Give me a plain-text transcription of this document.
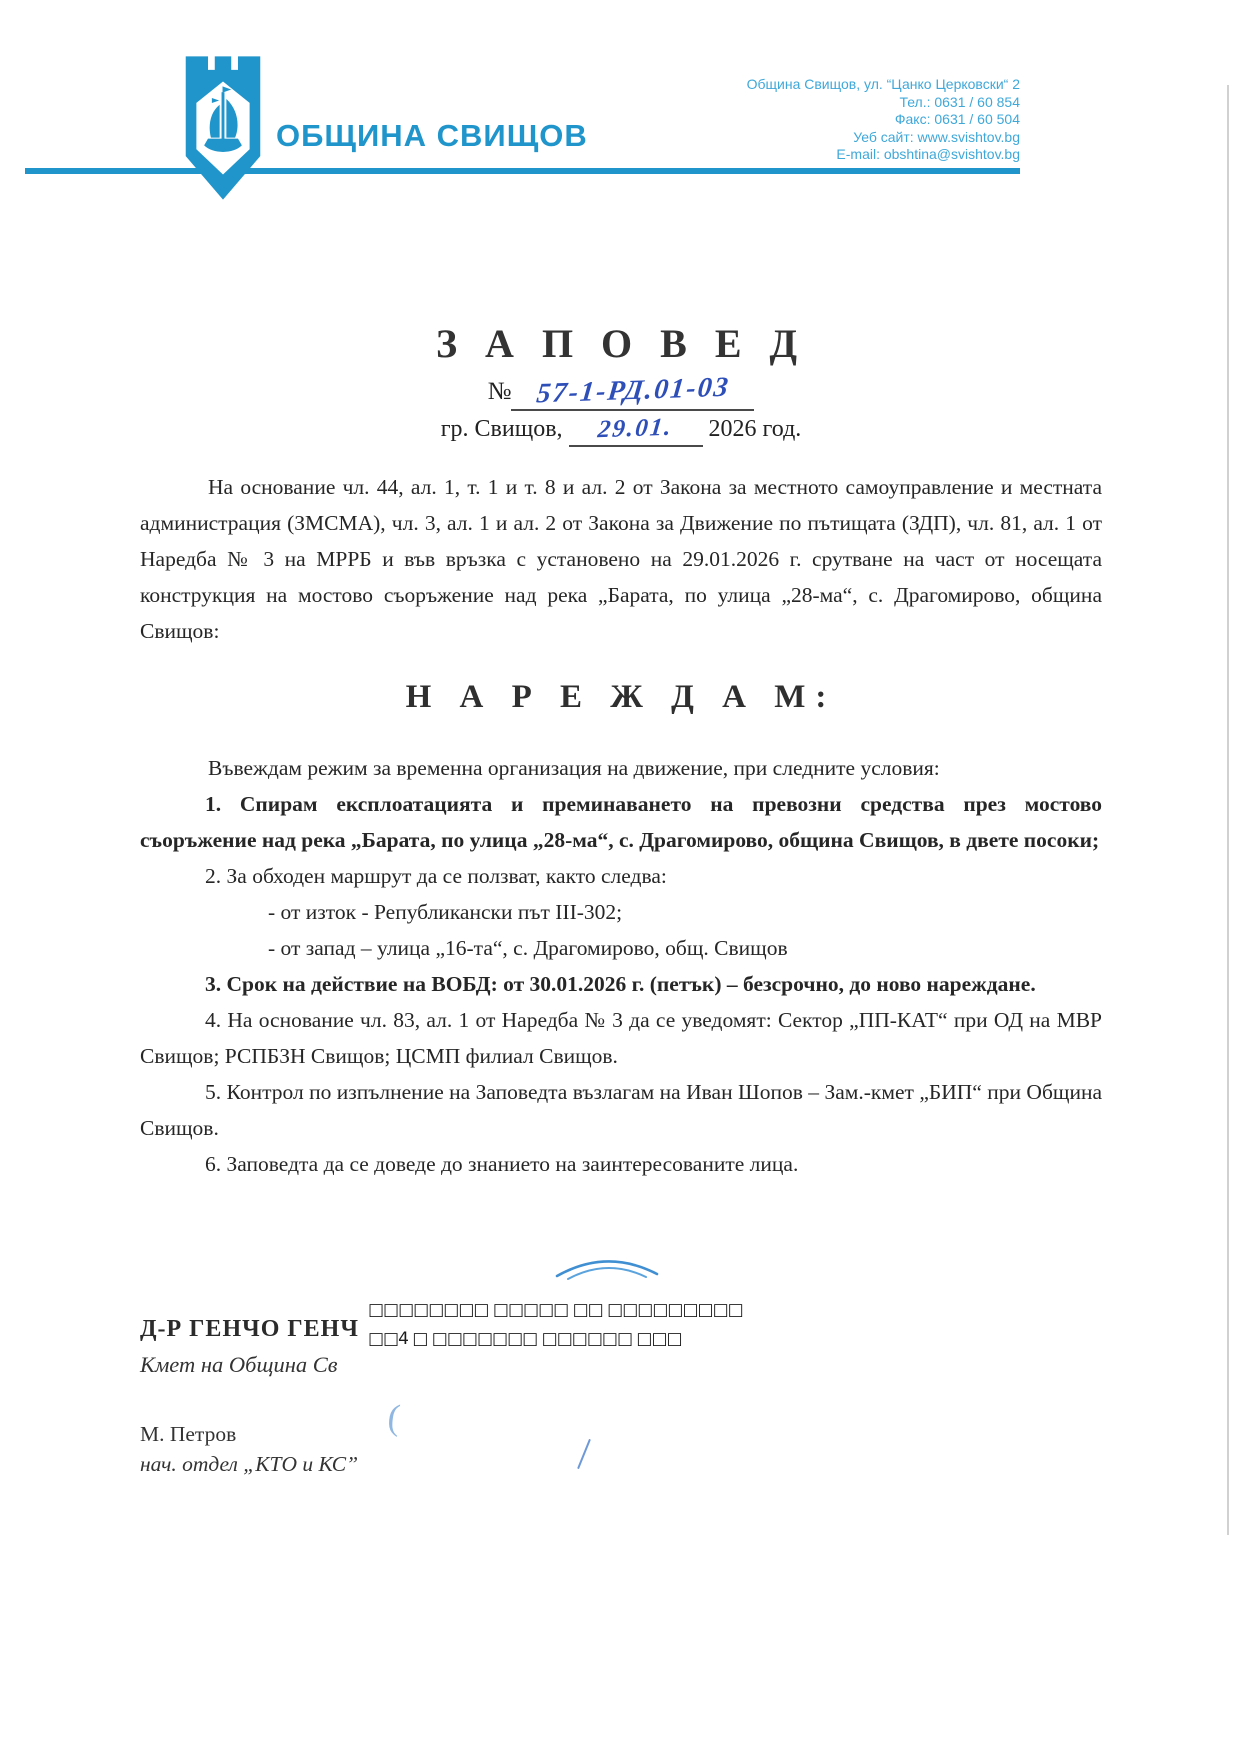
ОБЩИНА СВИЩОВ
Община Свищов, ул. “Цанко Церковски“ 2
Тел.: 0631 / 60 854
Факс: 0631 / 60 504
Уеб сайт: www.svishtov.bg
E-mail: obshtina@svishtov.bg
З А П О В Е Д
№ 57-1-РД.01-03
гр. Свищов, 29.01. 2026 год.

На основание чл. 44, ал. 1, т. 1 и т. 8 и ал. 2 от Закона за местното самоуправление и местната администрация (ЗМСМА), чл. 3, ал. 1 и ал. 2 от Закона за Движение по пътищата (ЗДП), чл. 81, ал. 1 от Наредба № 3 на МРРБ и във връзка с установено на 29.01.2026 г. срутване на част от носещата конструкция на мостово съоръжение над река „Барата, по улица „28-ма“, с. Драгомирово, община Свищов:

Н А Р Е Ж Д А М:

Въвеждам режим за временна организация на движение, при следните условия:

1. Спирам експлоатацията и преминаването на превозни средства през мостово съоръжение над река „Барата, по улица „28-ма“, с. Драгомирово, община Свищов, в двете посоки;

2. За обходен маршрут да се ползват, както следва:

- от изток - Републикански път III-302;

- от запад – улица „16-та“, с. Драгомирово, общ. Свищов

3. Срок на действие на ВОБД: от 30.01.2026 г. (петък) – безсрочно, до ново нареждане.

4. На основание чл. 83, ал. 1 от Наредба № 3 да се уведомят: Сектор „ПП-КАТ“ при ОД на МВР Свищов; РСПБЗН Свищов; ЦСМП филиал Свищов.

5. Контрол по изпълнение на Заповедта възлагам на Иван Шопов – Зам.-кмет „БИП“ при Община Свищов.

6. Заповедта да се доведе до знанието на заинтересованите лица.

□□□□□□□□ □□□□□ □□ □□□□□□□□□
□□4 □ □□□□□□□ □□□□□□ □□□
Д-Р ГЕНЧО ГЕНЧ
Кмет на Община Св
М. Петров
нач. отдел „КТО и КС”
(
